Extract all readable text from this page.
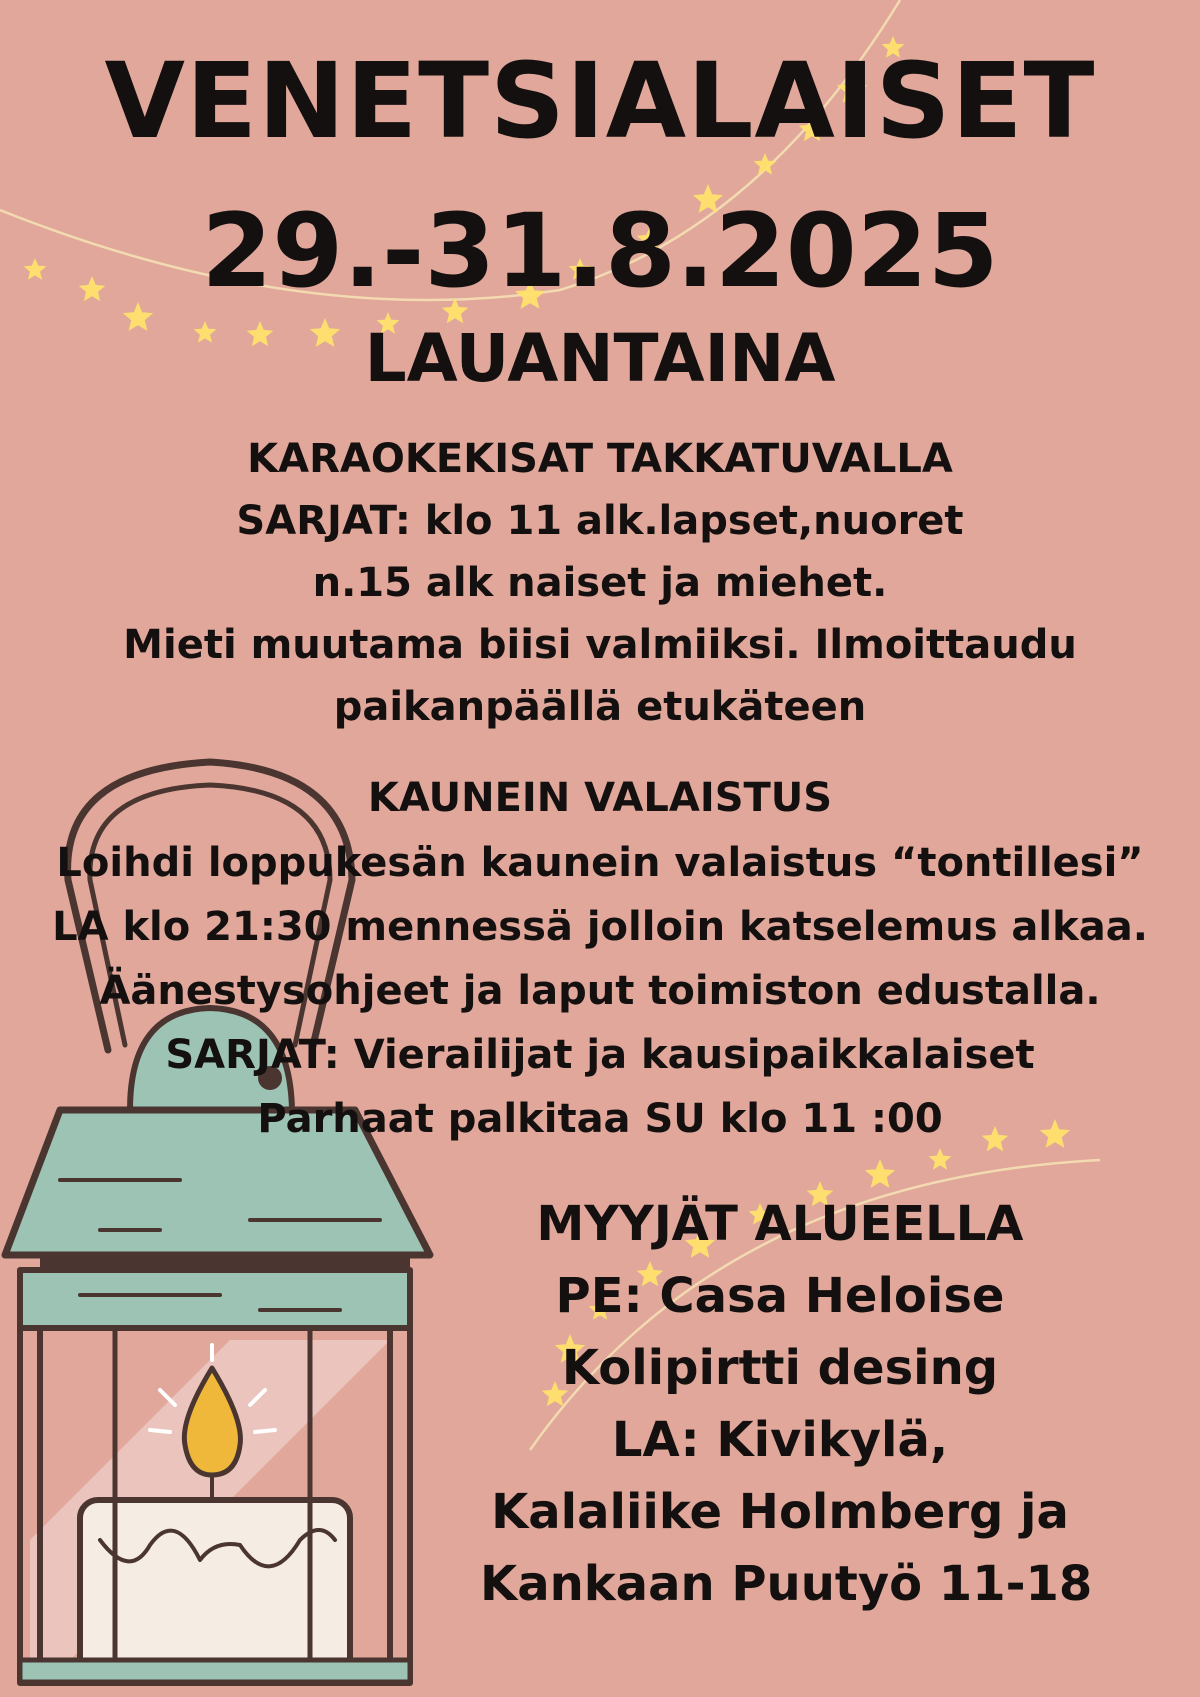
VENETSIALAISET
29.-31.8.2025
LAUANTAINA
KARAOKEKISAT TAKKATUVALLA
SARJAT: klo 11 alk.lapset,nuoret
n.15 alk naiset ja miehet.
Mieti muutama biisi valmiiksi. Ilmoittaudu
paikanpäällä etukäteen
KAUNEIN VALAISTUS
Loihdi loppukesän kaunein valaistus “tontillesi”
LA klo 21:30 mennessä jolloin katselemus alkaa.
Äänestysohjeet ja laput toimiston edustalla.
SARJAT: Vierailijat ja kausipaikkalaiset
Parhaat palkitaa SU klo 11 :00
MYYJÄT ALUEELLA
PE: Casa Heloise
Kolipirtti desing
LA: Kivikylä,
Kalaliike Holmberg ja
Kankaan Puutyö 11-18
